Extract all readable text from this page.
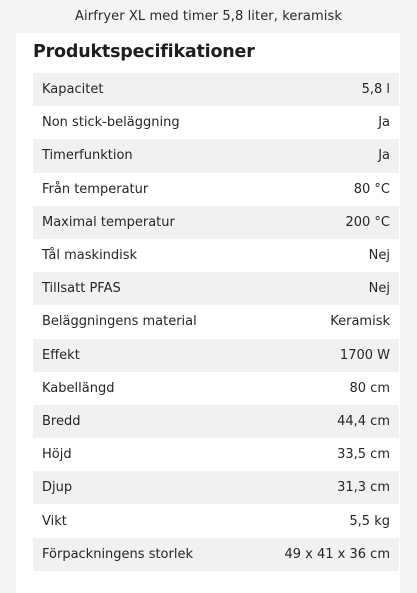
Airfryer XL med timer 5,8 liter, keramisk
Produktspecifikationer
Kapacitet	5,8 l
Non stick-beläggning	Ja
Timerfunktion	Ja
Från temperatur	80 °C
Maximal temperatur	200 °C
Tål maskindisk	Nej
Tillsatt PFAS	Nej
Beläggningens material	Keramisk
Effekt	1700 W
Kabellängd	80 cm
Bredd	44,4 cm
Höjd	33,5 cm
Djup	31,3 cm
Vikt	5,5 kg
Förpackningens storlek	49 x 41 x 36 cm
